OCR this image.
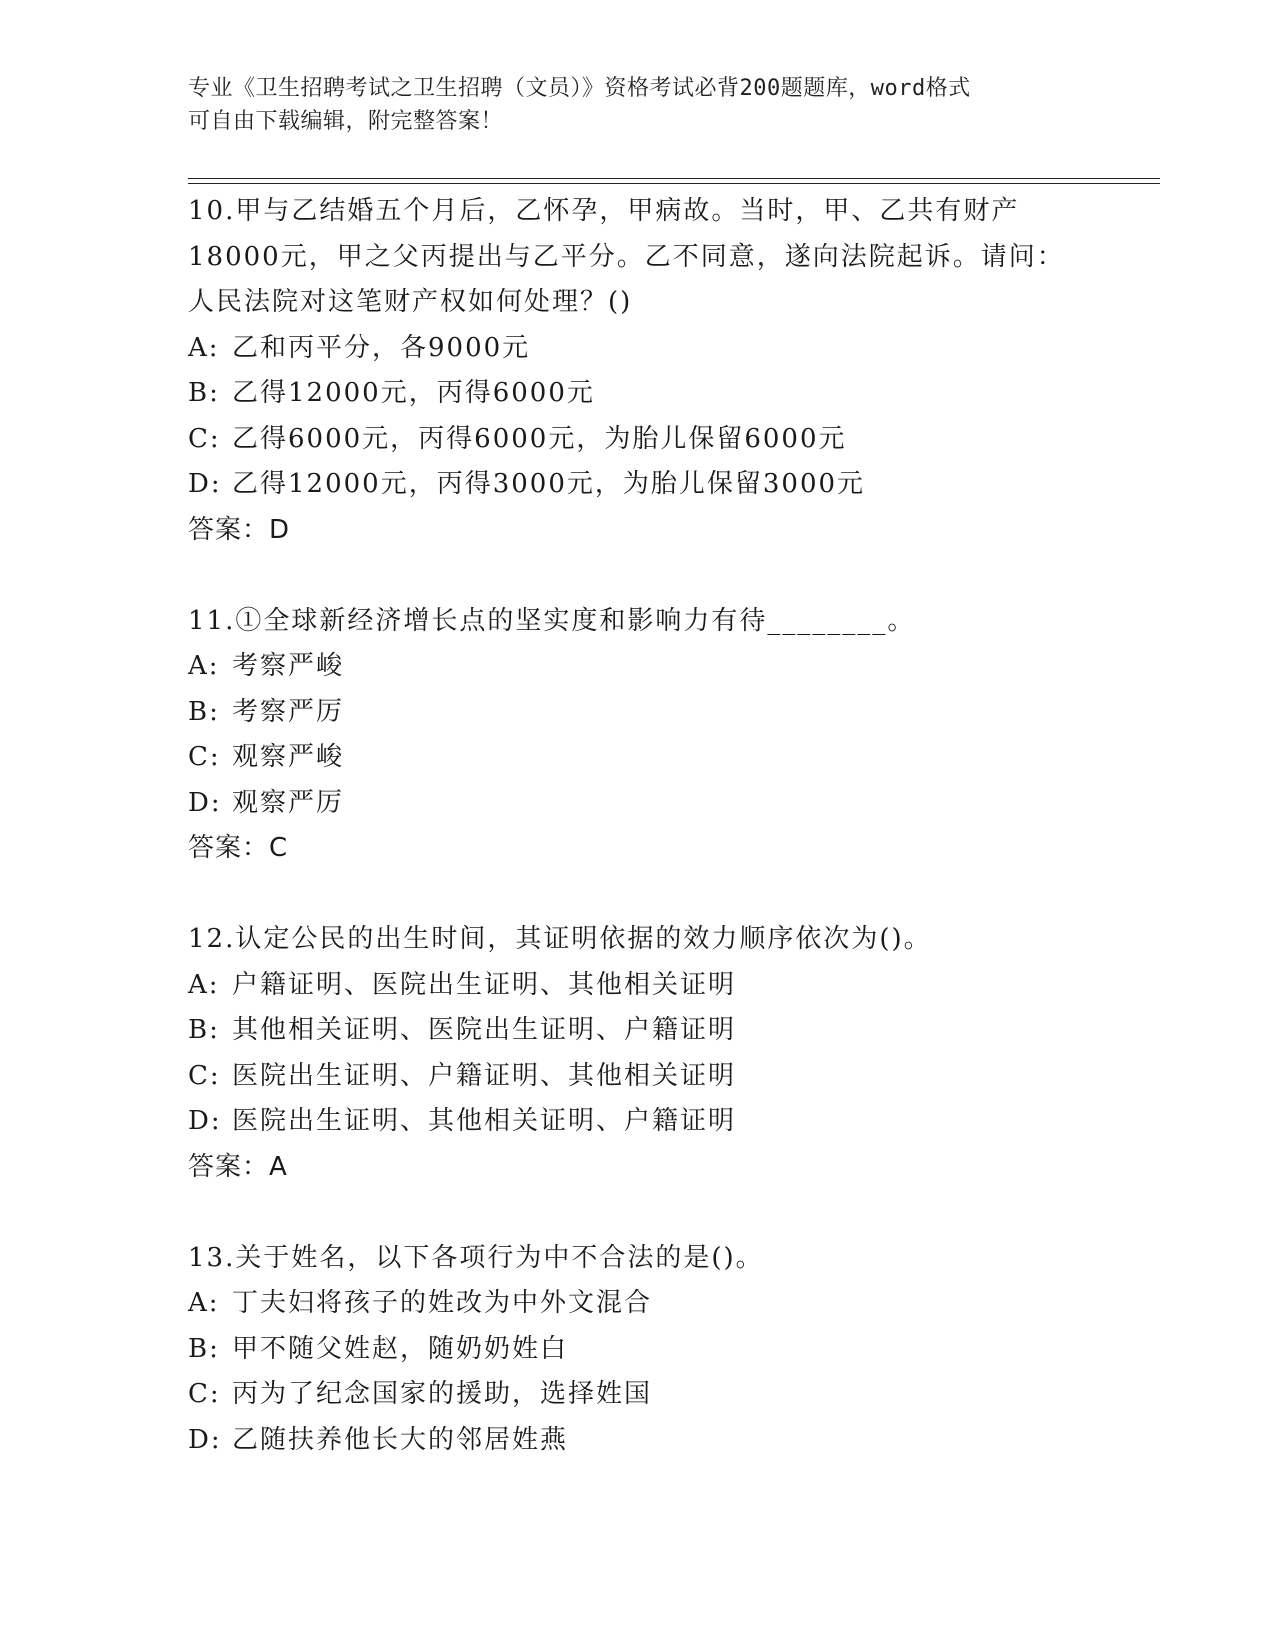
专业《卫生招聘考试之卫生招聘（文员）》资格考试必背200题题库，word格式
可自由下载编辑，附完整答案！

10.甲与乙结婚五个月后，乙怀孕，甲病故。当时，甲、乙共有财产

18000元，甲之父丙提出与乙平分。乙不同意，遂向法院起诉。请问：

人民法院对这笔财产权如何处理？()

A: 乙和丙平分，各9000元

B: 乙得12000元，丙得6000元

C: 乙得6000元，丙得6000元，为胎儿保留6000元

D: 乙得12000元，丙得3000元，为胎儿保留3000元

答案：D

11.①全球新经济增长点的坚实度和影响力有待________。

A: 考察严峻

B: 考察严厉

C: 观察严峻

D: 观察严厉

答案：C

12.认定公民的出生时间，其证明依据的效力顺序依次为()。

A: 户籍证明、医院出生证明、其他相关证明

B: 其他相关证明、医院出生证明、户籍证明

C: 医院出生证明、户籍证明、其他相关证明

D: 医院出生证明、其他相关证明、户籍证明

答案：A

13.关于姓名，以下各项行为中不合法的是()。

A: 丁夫妇将孩子的姓改为中外文混合

B: 甲不随父姓赵，随奶奶姓白

C: 丙为了纪念国家的援助，选择姓国

D: 乙随扶养他长大的邻居姓燕
